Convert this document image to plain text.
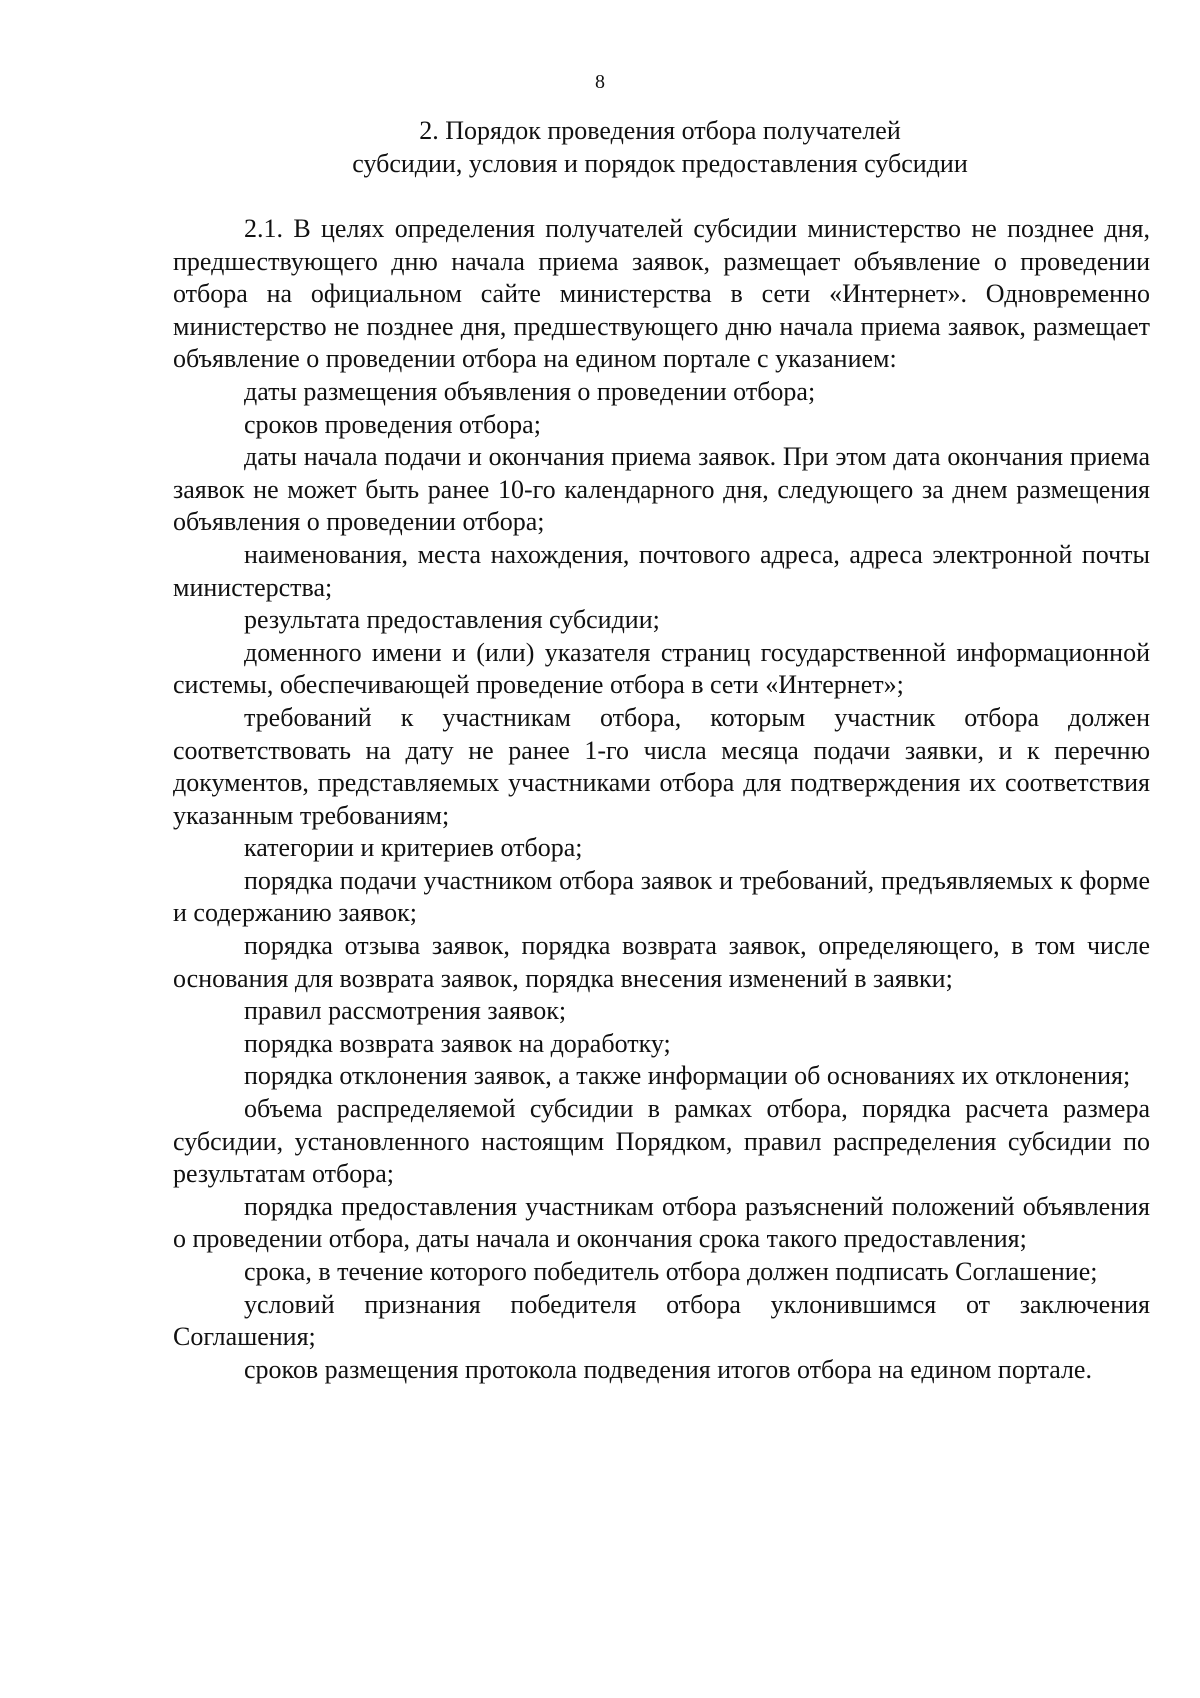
8
2. Порядок проведения отбора получателей
субсидии, условия и порядок предоставления субсидии

2.1. В целях определения получателей субсидии министерство не позднее дня, предшествующего дню начала приема заявок, размещает объявление о проведении отбора на официальном сайте министерства в сети «Интернет». Одновременно министерство не позднее дня, предшествующего дню начала приема заявок, размещает объявление о проведении отбора на едином портале с указанием:

даты размещения объявления о проведении отбора;

сроков проведения отбора;

даты начала подачи и окончания приема заявок. При этом дата окончания приема заявок не может быть ранее 10-го календарного дня, следующего за днем размещения объявления о проведении отбора;

наименования, места нахождения, почтового адреса, адреса электронной почты министерства;

результата предоставления субсидии;

доменного имени и (или) указателя страниц государственной информационной системы, обеспечивающей проведение отбора в сети «Интернет»;

требований к участникам отбора, которым участник отбора должен соответствовать на дату не ранее 1-го числа месяца подачи заявки, и к перечню документов, представляемых участниками отбора для подтверждения их соответствия указанным требованиям;

категории и критериев отбора;

порядка подачи участником отбора заявок и требований, предъявляемых к форме и содержанию заявок;

порядка отзыва заявок, порядка возврата заявок, определяющего, в том числе основания для возврата заявок, порядка внесения изменений в заявки;

правил рассмотрения заявок;

порядка возврата заявок на доработку;

порядка отклонения заявок, а также информации об основаниях их отклонения;

объема распределяемой субсидии в рамках отбора, порядка расчета размера субсидии, установленного настоящим Порядком, правил распределения субсидии по результатам отбора;

порядка предоставления участникам отбора разъяснений положений объявления о проведении отбора, даты начала и окончания срока такого предоставления;

срока, в течение которого победитель отбора должен подписать Соглашение;

условий признания победителя отбора уклонившимся от заключения Соглашения;

сроков размещения протокола подведения итогов отбора на едином портале.
